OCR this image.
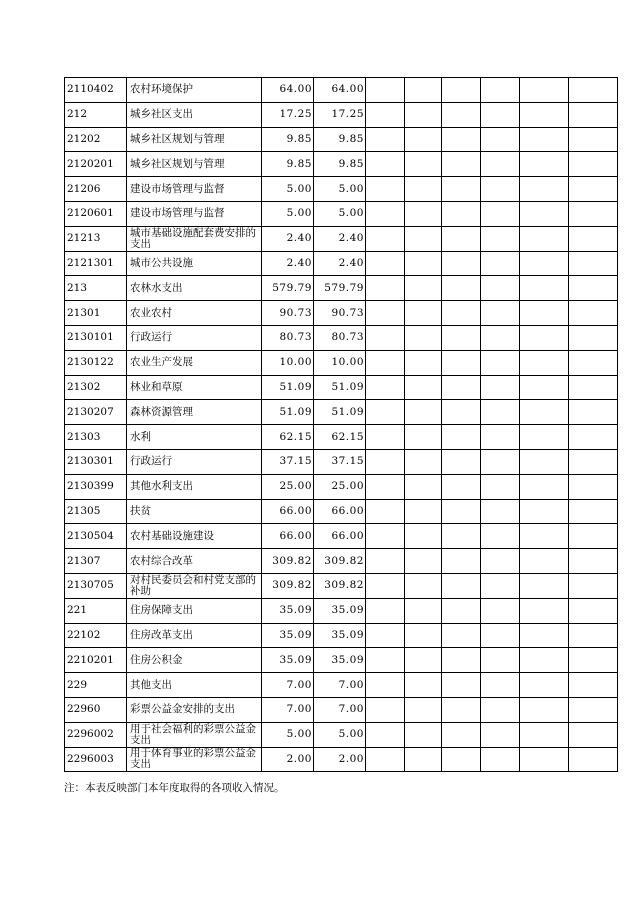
2110402	农村环境保护	64.00	64.00						
212	城乡社区支出	17.25	17.25						
21202	城乡社区规划与管理	9.85	9.85						
2120201	城乡社区规划与管理	9.85	9.85						
21206	建设市场管理与监督	5.00	5.00						
2120601	建设市场管理与监督	5.00	5.00						
21213	城市基础设施配套费安排的支出	2.40	2.40						
2121301	城市公共设施	2.40	2.40						
213	农林水支出	579.79	579.79						
21301	农业农村	90.73	90.73						
2130101	行政运行	80.73	80.73						
2130122	农业生产发展	10.00	10.00						
21302	林业和草原	51.09	51.09						
2130207	森林资源管理	51.09	51.09						
21303	水利	62.15	62.15						
2130301	行政运行	37.15	37.15						
2130399	其他水利支出	25.00	25.00						
21305	扶贫	66.00	66.00						
2130504	农村基础设施建设	66.00	66.00						
21307	农村综合改革	309.82	309.82						
2130705	对村民委员会和村党支部的补助	309.82	309.82						
221	住房保障支出	35.09	35.09						
22102	住房改革支出	35.09	35.09						
2210201	住房公积金	35.09	35.09						
229	其他支出	7.00	7.00						
22960	彩票公益金安排的支出	7.00	7.00						
2296002	用于社会福利的彩票公益金支出	5.00	5.00						
2296003	用于体育事业的彩票公益金支出	2.00	2.00						
注：本表反映部门本年度取得的各项收入情况。
